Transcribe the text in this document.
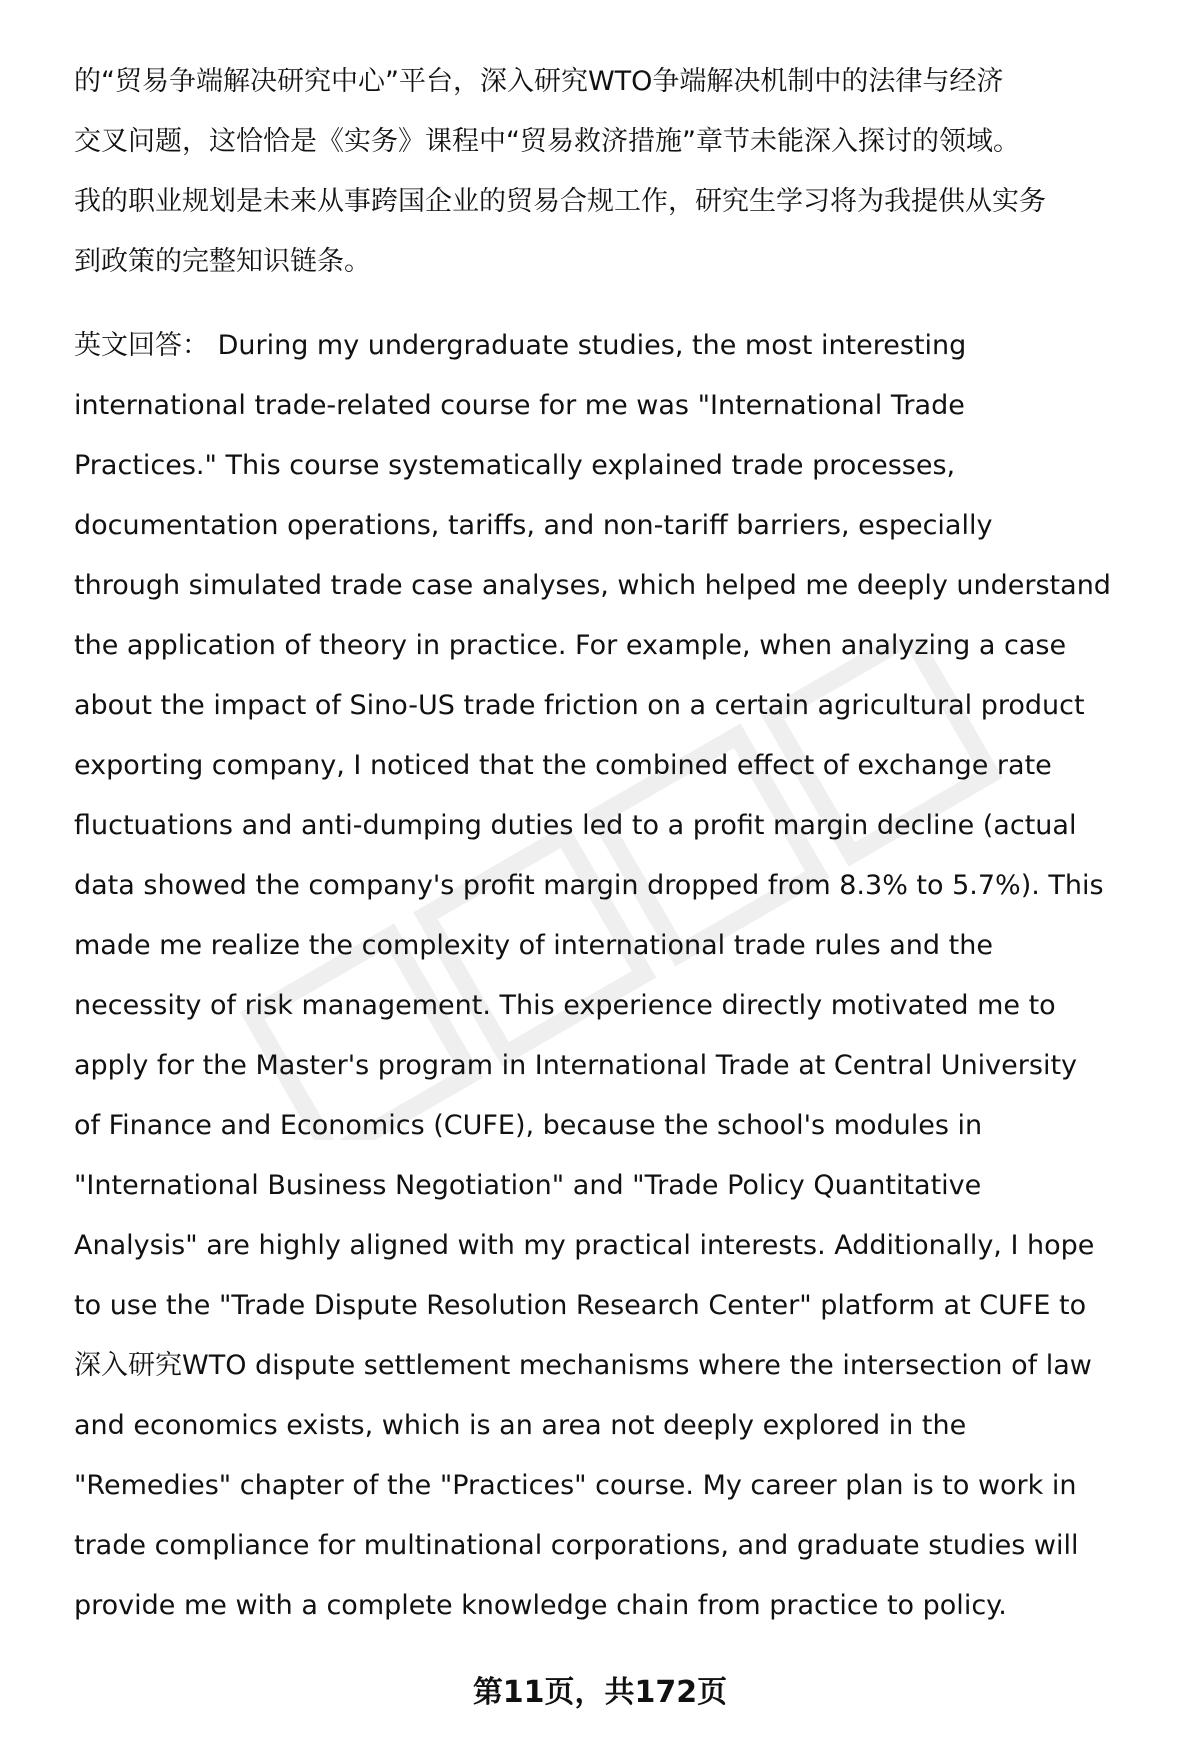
的“贸易争端解决研究中心”平台，深入研究WTO争端解决机制中的法律与经济
交叉问题，这恰恰是《实务》课程中“贸易救济措施”章节未能深入探讨的领域。
我的职业规划是未来从事跨国企业的贸易合规工作，研究生学习将为我提供从实务
到政策的完整知识链条。
英文回答： During my undergraduate studies, the most interesting
international trade-related course for me was "International Trade
Practices." This course systematically explained trade processes,
documentation operations, tariffs, and non-tariff barriers, especially
through simulated trade case analyses, which helped me deeply understand
the application of theory in practice. For example, when analyzing a case
about the impact of Sino-US trade friction on a certain agricultural product
exporting company, I noticed that the combined effect of exchange rate
fluctuations and anti-dumping duties led to a profit margin decline (actual
data showed the company's profit margin dropped from 8.3% to 5.7%). This
made me realize the complexity of international trade rules and the
necessity of risk management. This experience directly motivated me to
apply for the Master's program in International Trade at Central University
of Finance and Economics (CUFE), because the school's modules in
"International Business Negotiation" and "Trade Policy Quantitative
Analysis" are highly aligned with my practical interests. Additionally, I hope
to use the "Trade Dispute Resolution Research Center" platform at CUFE to
深入研究WTO dispute settlement mechanisms where the intersection of law
and economics exists, which is an area not deeply explored in the
"Remedies" chapter of the "Practices" course. My career plan is to work in
trade compliance for multinational corporations, and graduate studies will
provide me with a complete knowledge chain from practice to policy.
第11页，共172页
